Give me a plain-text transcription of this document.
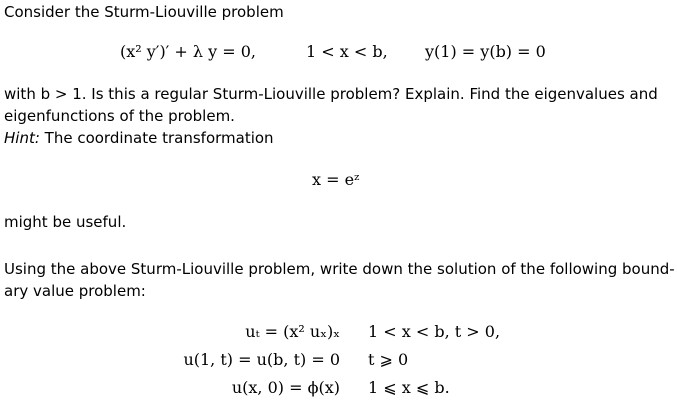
Consider the Sturm-Liouville problem
(x² y′)′ + λ y = 0,	1 < x < b, y(1) = y(b) = 0
with b > 1. Is this a regular Sturm-Liouville problem? Explain. Find the eigenvalues and
eigenfunctions of the problem.
Hint: The coordinate transformation
x = eᶻ
might be useful.
Using the above Sturm-Liouville problem, write down the solution of the following bound-
ary value problem:
uₜ = (x² uₓ)ₓ 1 < x < b, t > 0,
u(1, t) = u(b, t) = 0 t ⩾ 0
u(x, 0) = ϕ(x) 1 ⩽ x ⩽ b.
